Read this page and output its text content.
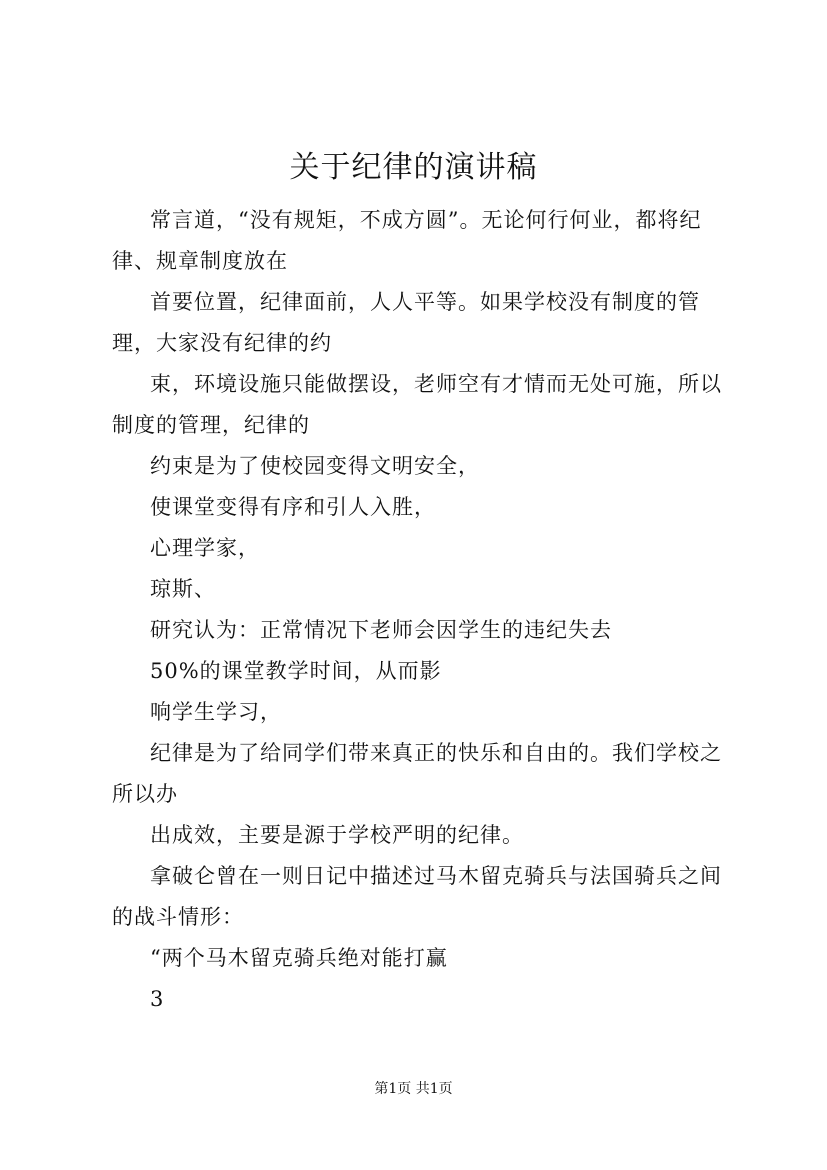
关于纪律的演讲稿

常言道，“没有规矩，不成方圆”。无论何行何业，都将纪律、规章制度放在

首要位置，纪律面前，人人平等。如果学校没有制度的管理，大家没有纪律的约

束，环境设施只能做摆设，老师空有才情而无处可施，所以制度的管理，纪律的

约束是为了使校园变得文明安全，

使课堂变得有序和引人入胜，

心理学家，

琼斯、

研究认为：正常情况下老师会因学生的违纪失去

50%的课堂教学时间，从而影

响学生学习，

纪律是为了给同学们带来真正的快乐和自由的。我们学校之所以办

出成效，主要是源于学校严明的纪律。

拿破仑曾在一则日记中描述过马木留克骑兵与法国骑兵之间的战斗情形：

“两个马木留克骑兵绝对能打赢

3

第1页 共1页
